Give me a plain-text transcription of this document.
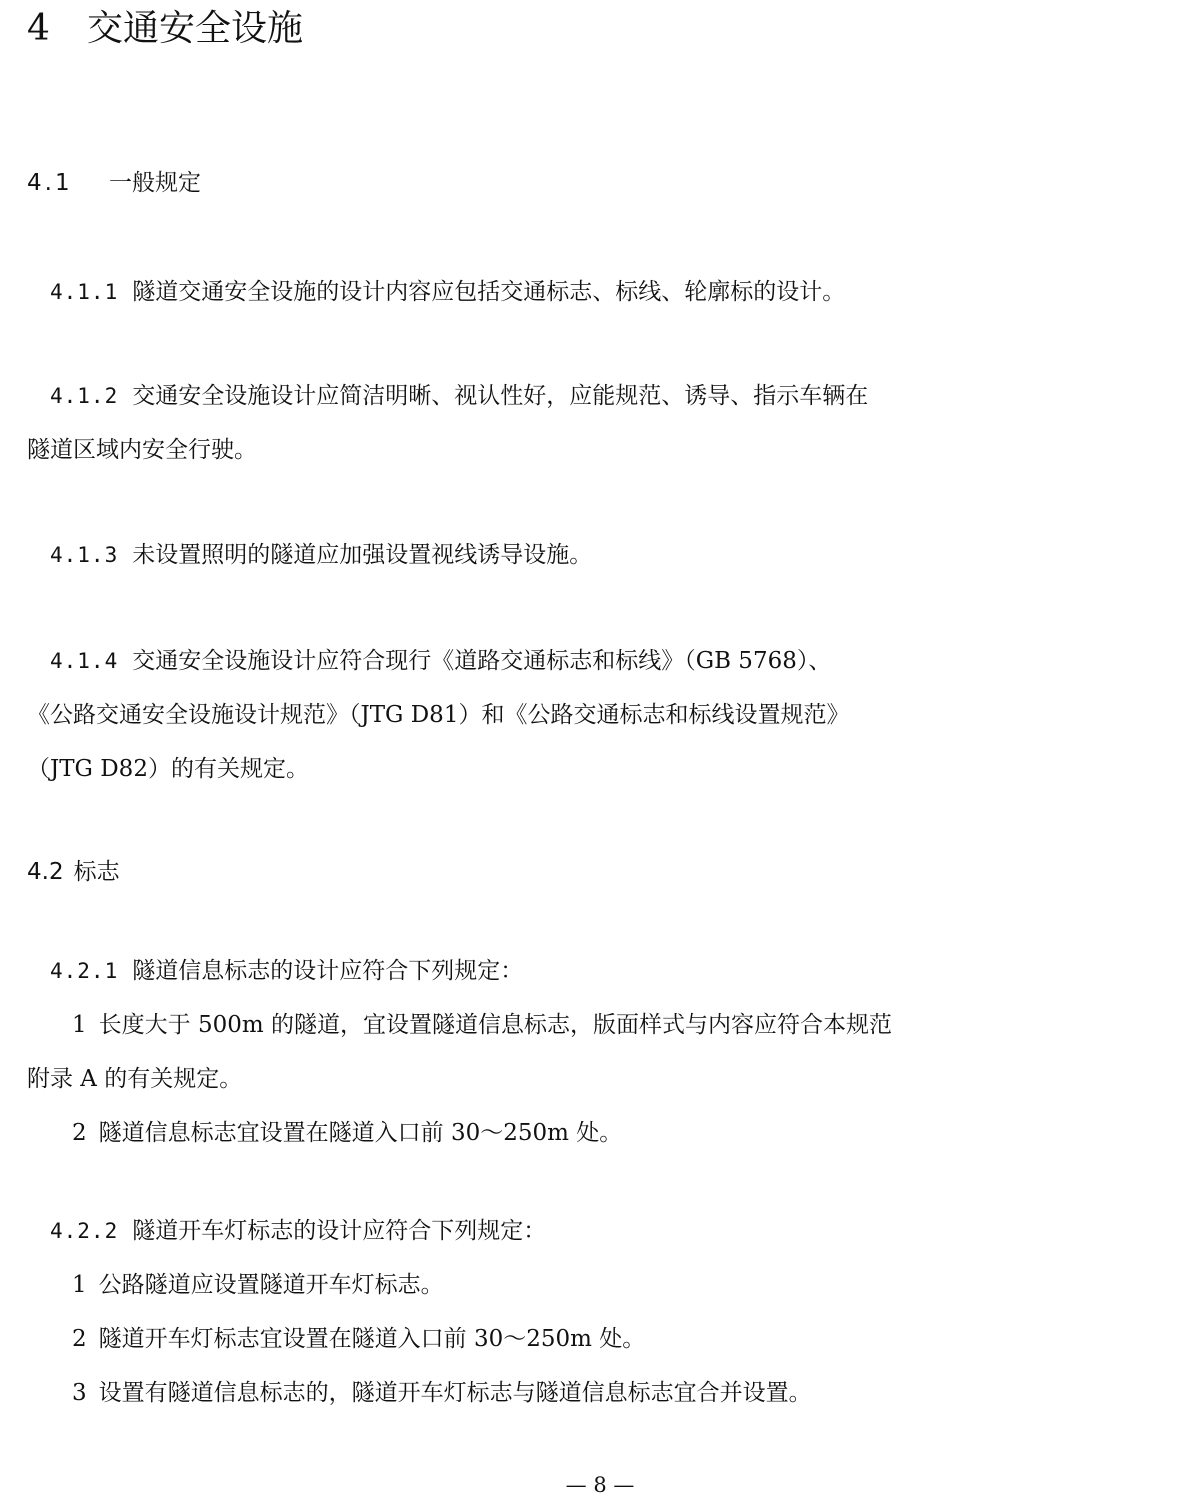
4 交通安全设施
4.1 一般规定
4.1.1 隧道交通安全设施的设计内容应包括交通标志、标线、轮廓标的设计。
4.1.2 交通安全设施设计应简洁明晰、视认性好，应能规范、诱导、指示车辆在
隧道区域内安全行驶。
4.1.3 未设置照明的隧道应加强设置视线诱导设施。
4.1.4 交通安全设施设计应符合现行《道路交通标志和标线》（GB 5768）、
《公路交通安全设施设计规范》（JTG D81）和《公路交通标志和标线设置规范》
（JTG D82）的有关规定。
4.2 标志
4.2.1 隧道信息标志的设计应符合下列规定：
1 长度大于 500m 的隧道，宜设置隧道信息标志，版面样式与内容应符合本规范
附录 A 的有关规定。
2 隧道信息标志宜设置在隧道入口前 30～250m 处。
4.2.2 隧道开车灯标志的设计应符合下列规定：
1 公路隧道应设置隧道开车灯标志。
2 隧道开车灯标志宜设置在隧道入口前 30～250m 处。
3 设置有隧道信息标志的，隧道开车灯标志与隧道信息标志宜合并设置。
— 8 —
